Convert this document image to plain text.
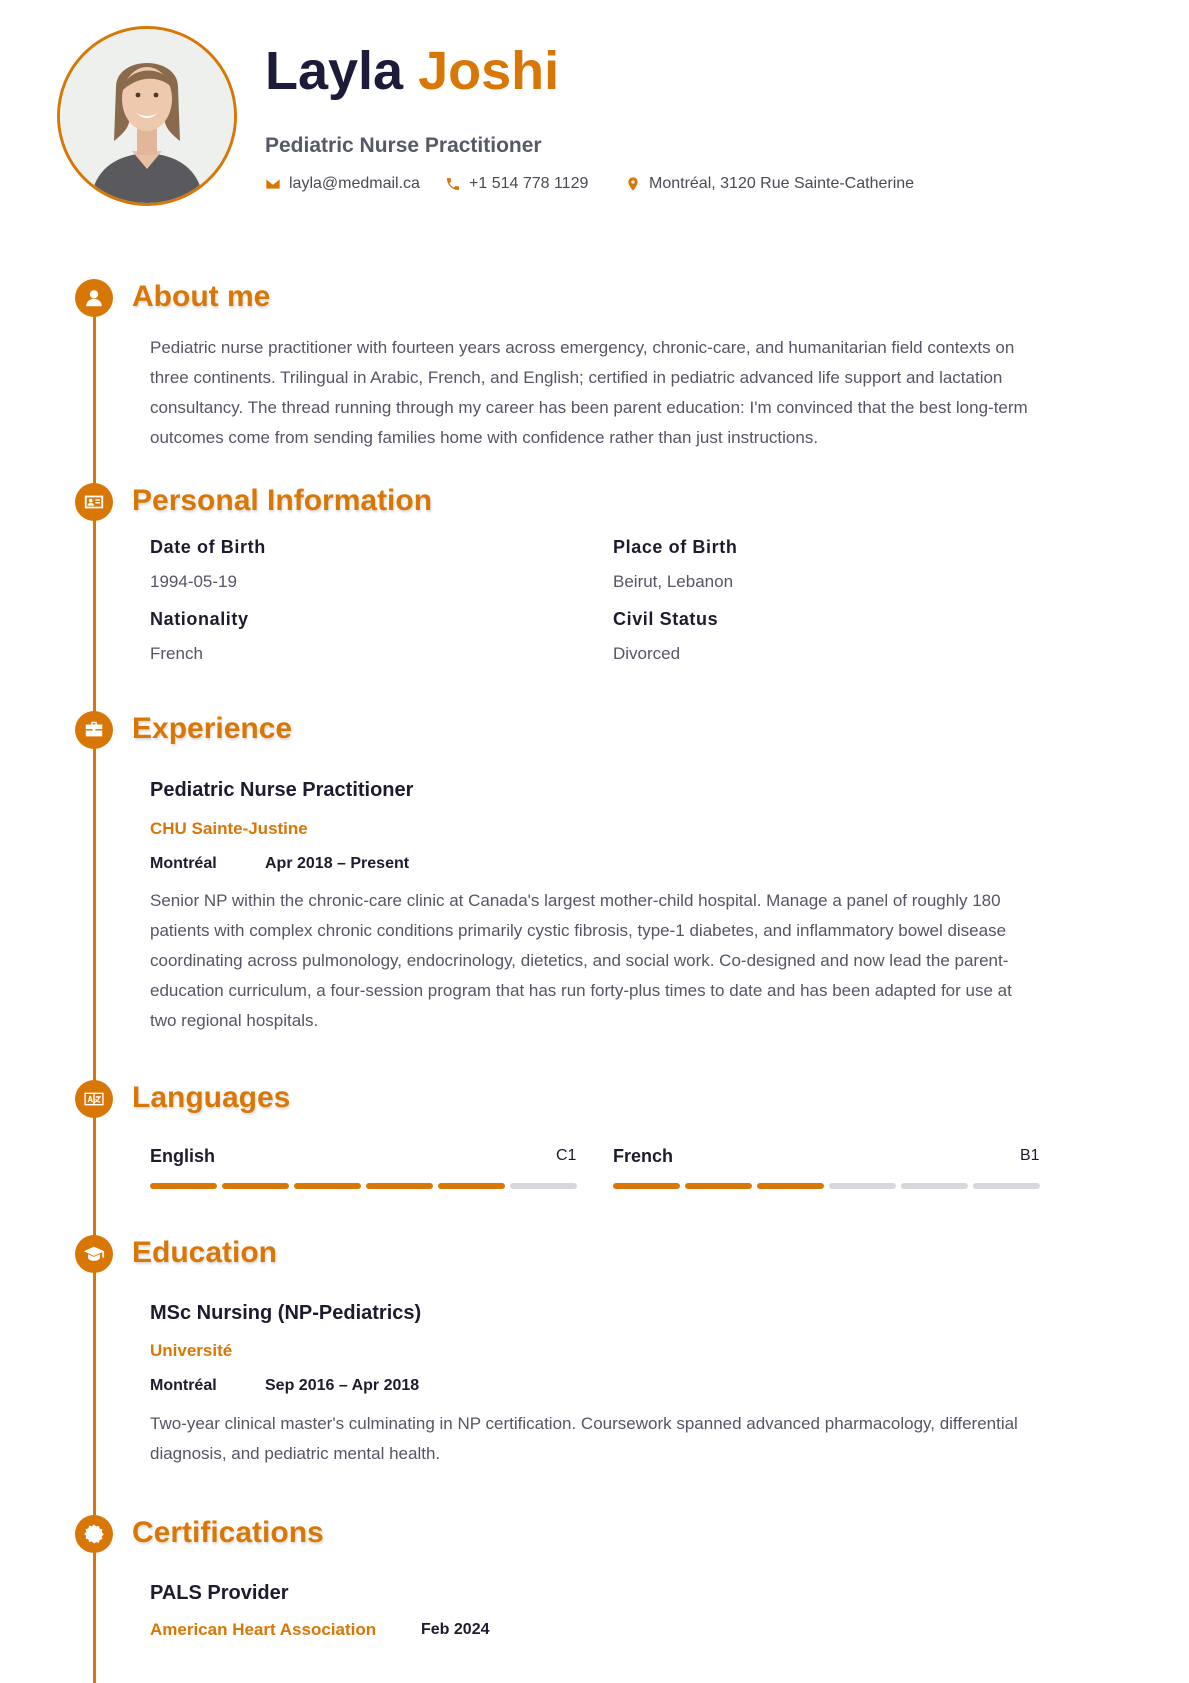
Layla Joshi
Pediatric Nurse Practitioner
layla@medmail.ca	+1 514 778 1129	Montréal, 3120 Rue Sainte-Catherine
About me
Pediatric nurse practitioner with fourteen years across emergency, chronic-care, and humanitarian field contexts on three continents. Trilingual in Arabic, French, and English; certified in pediatric advanced life support and lactation consultancy. The thread running through my career has been parent education: I'm convinced that the best long-term outcomes come from sending families home with confidence rather than just instructions.
Personal Information
Date of Birth
1994-05-19
Place of Birth
Beirut, Lebanon
Nationality
French
Civil Status
Divorced
Experience
Pediatric Nurse Practitioner
CHU Sainte-Justine
Montréal	Apr 2018 – Present
Senior NP within the chronic-care clinic at Canada's largest mother-child hospital. Manage a panel of roughly 180 patients with complex chronic conditions primarily cystic fibrosis, type-1 diabetes, and inflammatory bowel disease coordinating across pulmonology, endocrinology, dietetics, and social work. Co-designed and now lead the parent-education curriculum, a four-session program that has run forty-plus times to date and has been adapted for use at two regional hospitals.
Languages
English	C1 French	B1
Education
MSc Nursing (NP-Pediatrics)
Université
Montréal	Sep 2016 – Apr 2018
Two-year clinical master's culminating in NP certification. Coursework spanned advanced pharmacology, differential diagnosis, and pediatric mental health.
Certifications
PALS Provider
American Heart Association	Feb 2024
